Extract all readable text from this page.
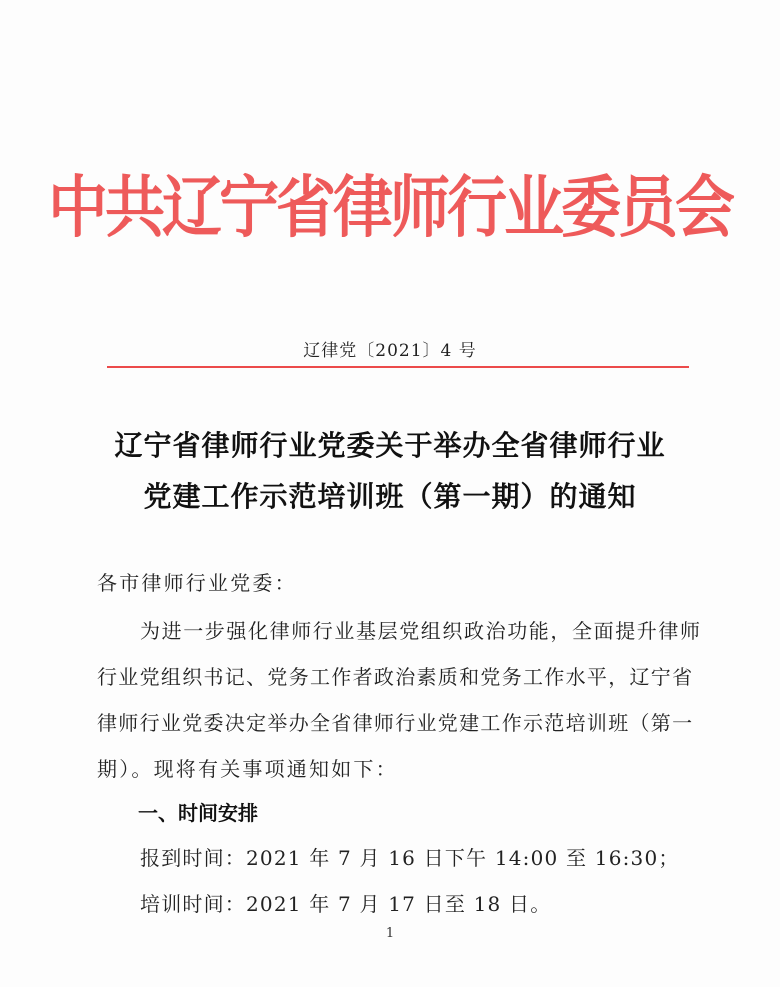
中共辽宁省律师行业委员会
辽律党〔2021〕4 号
辽宁省律师行业党委关于举办全省律师行业
党建工作示范培训班（第一期）的通知
各市律师行业党委：
为进一步强化律师行业基层党组织政治功能，全面提升律师
行业党组织书记、党务工作者政治素质和党务工作水平，辽宁省
律师行业党委决定举办全省律师行业党建工作示范培训班（第一
期）。现将有关事项通知如下：
一、时间安排
报到时间：2021 年 7 月 16 日下午 14:00 至 16:30；
培训时间：2021 年 7 月 17 日至 18 日。
1
